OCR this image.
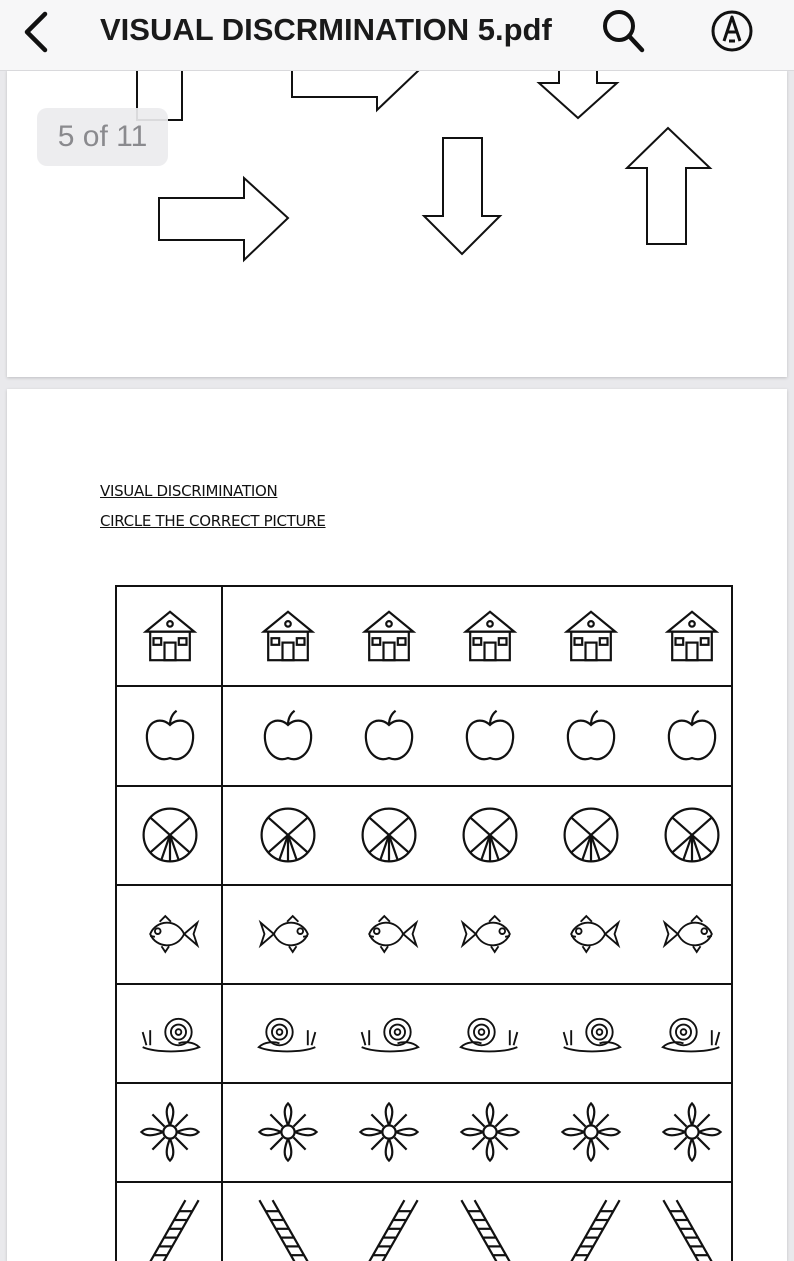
VISUAL DISCRMINATION 5.pdf
5 of 11
VISUAL DISCRIMINATION
CIRCLE THE CORRECT PICTURE
